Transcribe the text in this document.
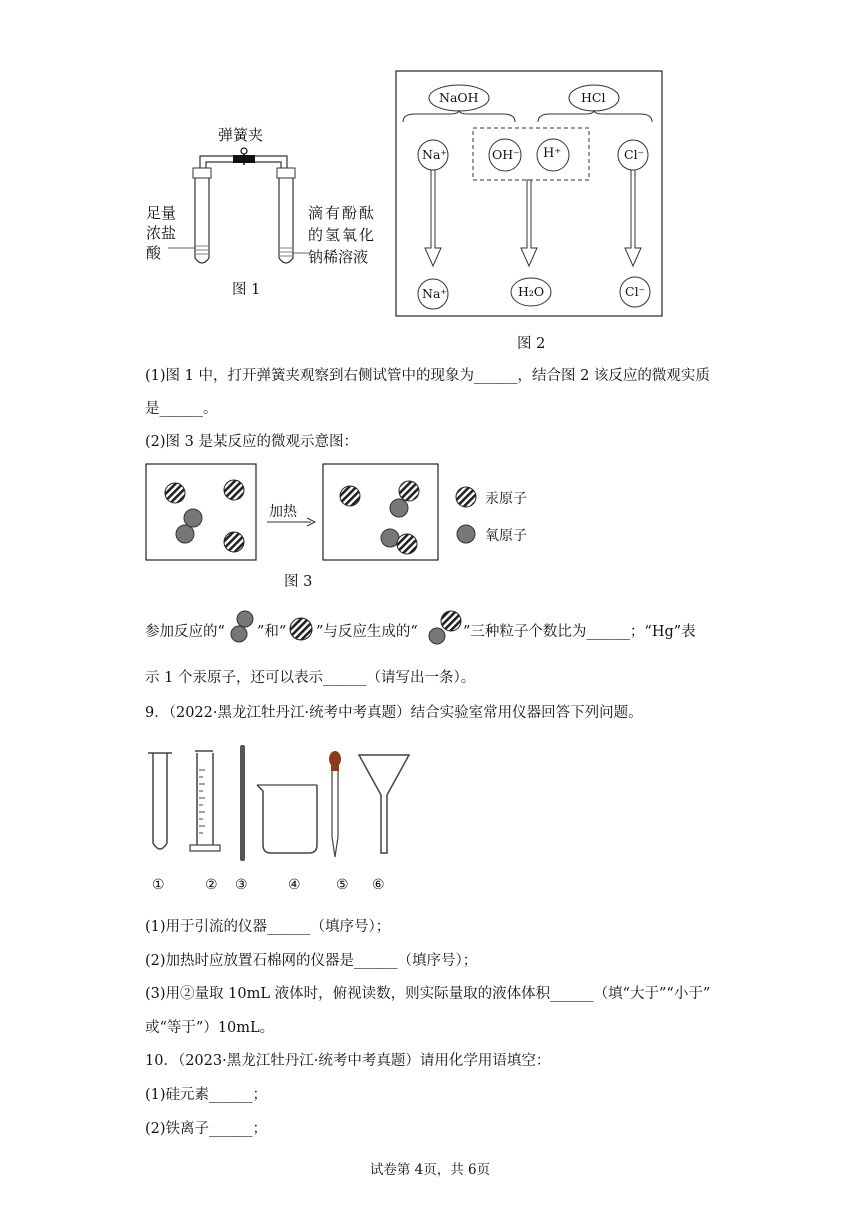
弹簧夹
足量
浓盐
酸
滴有酚酞
的氢氧化
钠稀溶液
图 1
NaOH	HCl
Na⁺	OH⁻ H⁺	Cl⁻
Na⁺	H₂O	Cl⁻
图 2
(1)图 1 中，打开弹簧夹观察到右侧试管中的现象为______，结合图 2 该反应的微观实质
是______。
(2)图 3 是某反应的微观示意图：
加热
汞原子
氧原子
图 3
参加反应的“ ”和“ ”与反应生成的“	”三种粒子个数比为______；“Hg”表
示 1 个汞原子，还可以表示______（请写出一条）。
9．（2022·黑龙江牡丹江·统考中考真题）结合实验室常用仪器回答下列问题。
①	② ③	④	⑤ ⑥
(1)用于引流的仪器______（填序号）；
(2)加热时应放置石棉网的仪器是______（填序号）；
(3)用②量取 10mL 液体时，俯视读数，则实际量取的液体体积______（填“大于”“小于”
或“等于”）10mL。
10．（2023·黑龙江牡丹江·统考中考真题）请用化学用语填空：
(1)硅元素______；
(2)铁离子______；
试卷第 4页，共 6页
